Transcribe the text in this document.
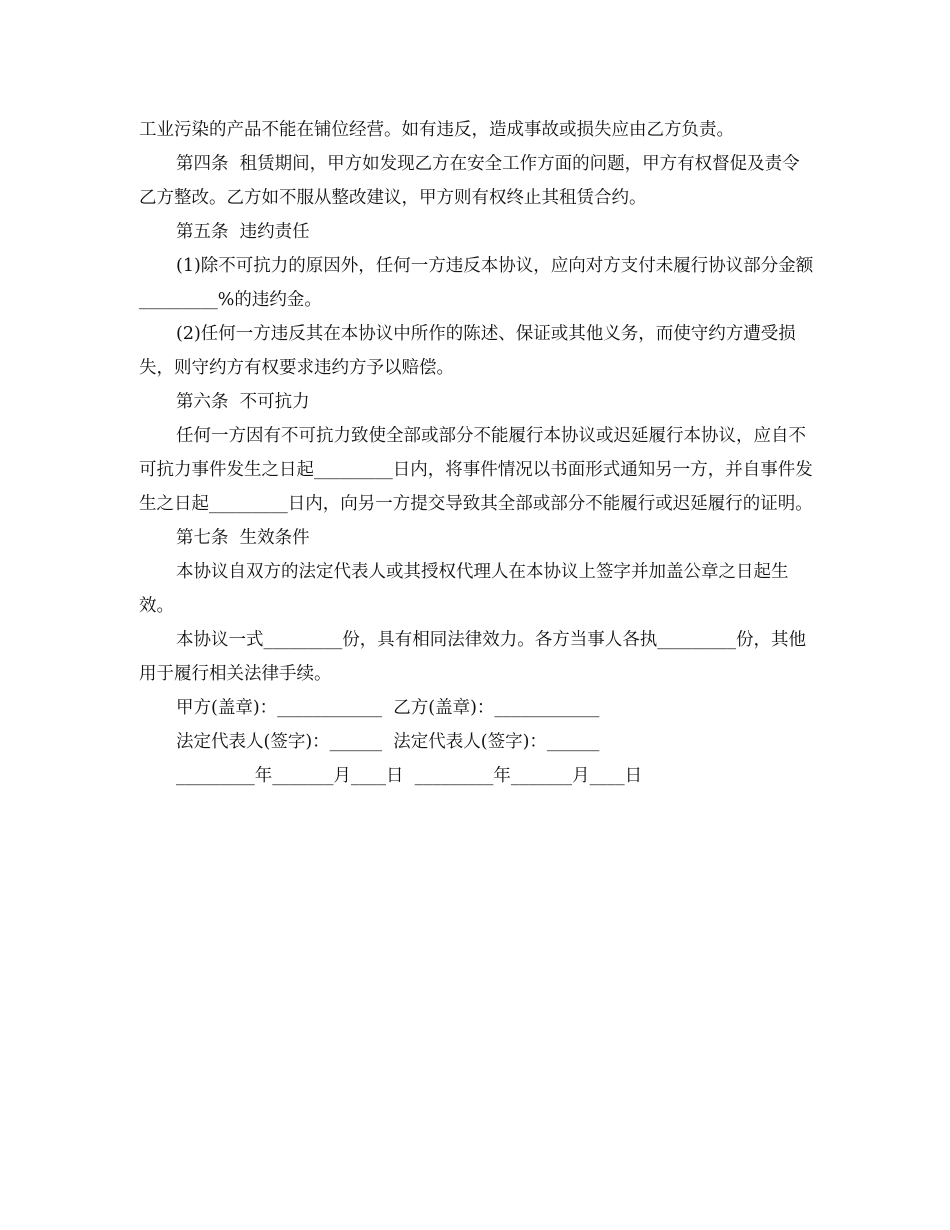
工业污染的产品不能在铺位经营。如有违反，造成事故或损失应由乙方负责。

第四条  租赁期间，甲方如发现乙方在安全工作方面的问题，甲方有权督促及责令乙方整改。乙方如不服从整改建议，甲方则有权终止其租赁合约。

第五条  违约责任

(1)除不可抗力的原因外，任何一方违反本协议，应向对方支付未履行协议部分金额_________%的违约金。

(2)任何一方违反其在本协议中所作的陈述、保证或其他义务，而使守约方遭受损失，则守约方有权要求违约方予以赔偿。

第六条  不可抗力

任何一方因有不可抗力致使全部或部分不能履行本协议或迟延履行本协议，应自不可抗力事件发生之日起_________日内，将事件情况以书面形式通知另一方，并自事件发生之日起_________日内，向另一方提交导致其全部或部分不能履行或迟延履行的证明。

第七条  生效条件

本协议自双方的法定代表人或其授权代理人在本协议上签字并加盖公章之日起生效。

本协议一式_________份，具有相同法律效力。各方当事人各执_________份，其他用于履行相关法律手续。

甲方(盖章)：____________  乙方(盖章)：____________

法定代表人(签字)：______  法定代表人(签字)：______

_________年_______月____日  _________年_______月____日
